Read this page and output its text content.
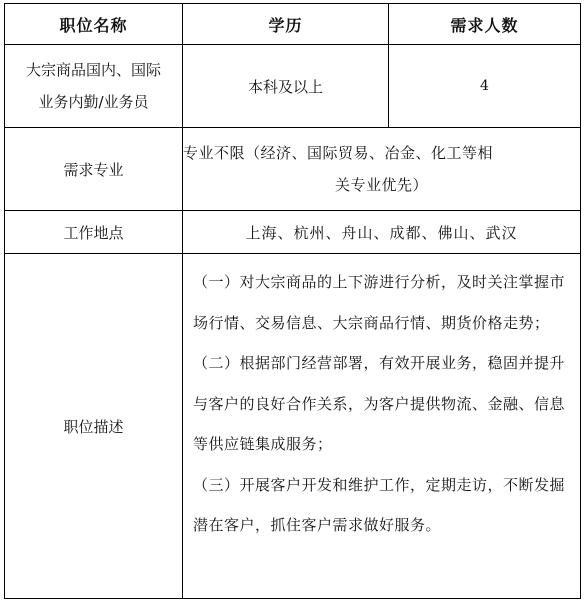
职位名称	学历	需求人数
大宗商品国内、国际
业务内勤/业务员	本科及以上	4
需求专业	专业不限（经济、国际贸易、冶金、化工等相
关专业优先）	

工作地点	上海、杭州、舟山、成都、佛山、武汉	
职位描述	（一）对大宗商品的上下游进行分析，及时关注掌握市场行情、交易信息、大宗商品行情、期货价格走势；

（二）根据部门经营部署，有效开展业务，稳固并提升与客户的良好合作关系，为客户提供物流、金融、信息等供应链集成服务；

（三）开展客户开发和维护工作，定期走访，不断发掘潜在客户，抓住客户需求做好服务。	
